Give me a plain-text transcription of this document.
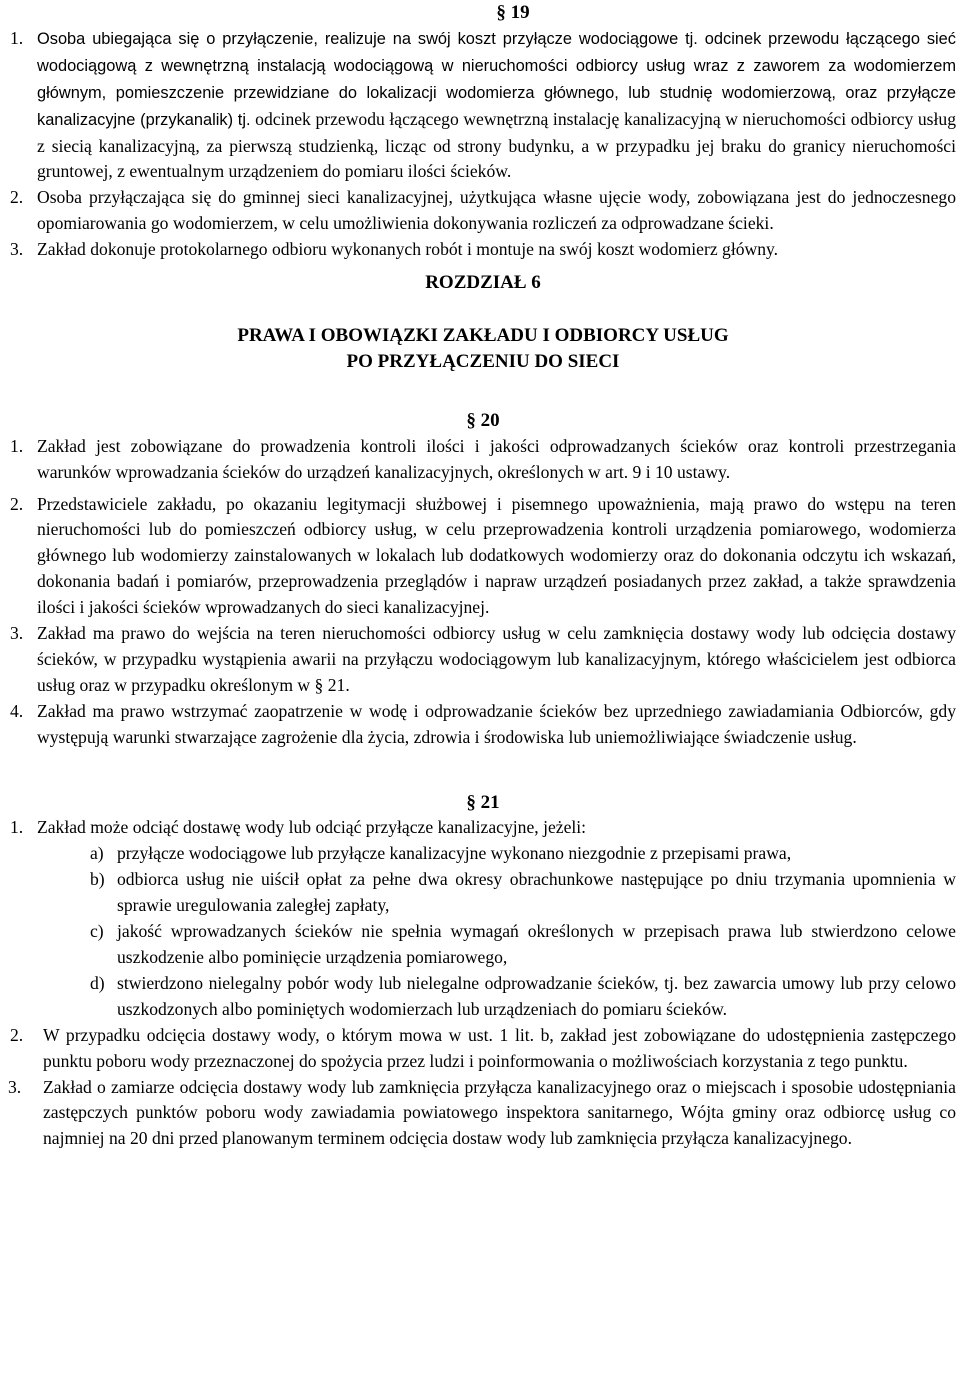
§ 19
1. Osoba ubiegająca się o przyłączenie, realizuje na swój koszt przyłącze wodociągowe tj. odcinek przewodu łączącego sieć wodociągową z wewnętrzną instalacją wodociągową w nieruchomości odbiorcy usług wraz z zaworem za wodomierzem głównym, pomieszczenie przewidziane do lokalizacji wodomierza głównego, lub studnię wodomierzową, oraz przyłącze kanalizacyjne (przykanalik) tj. odcinek przewodu łączącego wewnętrzną instalację kanalizacyjną w nieruchomości odbiorcy usług z siecią kanalizacyjną, za pierwszą studzienką, licząc od strony budynku, a w przypadku jej braku do granicy nieruchomości gruntowej, z ewentualnym urządzeniem do pomiaru ilości ścieków.
2. Osoba przyłączająca się do gminnej sieci kanalizacyjnej, użytkująca własne ujęcie wody, zobowiązana jest do jednoczesnego opomiarowania go wodomierzem, w celu umożliwienia dokonywania rozliczeń za odprowadzane ścieki.
3. Zakład dokonuje protokolarnego odbioru wykonanych robót i montuje na swój koszt wodomierz główny.
ROZDZIAŁ 6
PRAWA I OBOWIĄZKI ZAKŁADU I ODBIORCY USŁUG
PO PRZYŁĄCZENIU DO SIECI
§ 20
1. Zakład jest zobowiązane do prowadzenia kontroli ilości i jakości odprowadzanych ścieków oraz kontroli przestrzegania warunków wprowadzania ścieków do urządzeń kanalizacyjnych, określonych w art. 9 i 10 ustawy.
2. Przedstawiciele zakładu, po okazaniu legitymacji służbowej i pisemnego upoważnienia, mają prawo do wstępu na teren nieruchomości lub do pomieszczeń odbiorcy usług, w celu przeprowadzenia kontroli urządzenia pomiarowego, wodomierza głównego lub wodomierzy zainstalowanych w lokalach lub dodatkowych wodomierzy oraz do dokonania odczytu ich wskazań, dokonania badań i pomiarów, przeprowadzenia przeglądów i napraw urządzeń posiadanych przez zakład, a także sprawdzenia ilości i jakości ścieków wprowadzanych do sieci kanalizacyjnej.
3. Zakład ma prawo do wejścia na teren nieruchomości odbiorcy usług w celu zamknięcia dostawy wody lub odcięcia dostawy ścieków, w przypadku wystąpienia awarii na przyłączu wodociągowym lub kanalizacyjnym, którego właścicielem jest odbiorca usług oraz w przypadku określonym w § 21.
4. Zakład ma prawo wstrzymać zaopatrzenie w wodę i odprowadzanie ścieków bez uprzedniego zawiadamiania Odbiorców, gdy występują warunki stwarzające zagrożenie dla życia, zdrowia i środowiska lub uniemożliwiające świadczenie usług.
§ 21
1. Zakład może odciąć dostawę wody lub odciąć przyłącze kanalizacyjne, jeżeli:
a) przyłącze wodociągowe lub przyłącze kanalizacyjne wykonano niezgodnie z przepisami prawa,
b) odbiorca usług nie uiścił opłat za pełne dwa okresy obrachunkowe następujące po dniu trzymania upomnienia w sprawie uregulowania zaległej zapłaty,
c) jakość wprowadzanych ścieków nie spełnia wymagań określonych w przepisach prawa lub stwierdzono celowe uszkodzenie albo pominięcie urządzenia pomiarowego,
d) stwierdzono nielegalny pobór wody lub nielegalne odprowadzanie ścieków, tj. bez zawarcia umowy lub przy celowo uszkodzonych albo pominiętych wodomierzach lub urządzeniach do pomiaru ścieków.
2. W przypadku odcięcia dostawy wody, o którym mowa w ust. 1 lit. b, zakład jest zobowiązane do udostępnienia zastępczego punktu poboru wody przeznaczonej do spożycia przez ludzi i poinformowania o możliwościach korzystania z tego punktu.
3. Zakład o zamiarze odcięcia dostawy wody lub zamknięcia przyłącza kanalizacyjnego oraz o miejscach i sposobie udostępniania zastępczych punktów poboru wody zawiadamia powiatowego inspektora sanitarnego, Wójta gminy oraz odbiorcę usług co najmniej na 20 dni przed planowanym terminem odcięcia dostaw wody lub zamknięcia przyłącza kanalizacyjnego.
